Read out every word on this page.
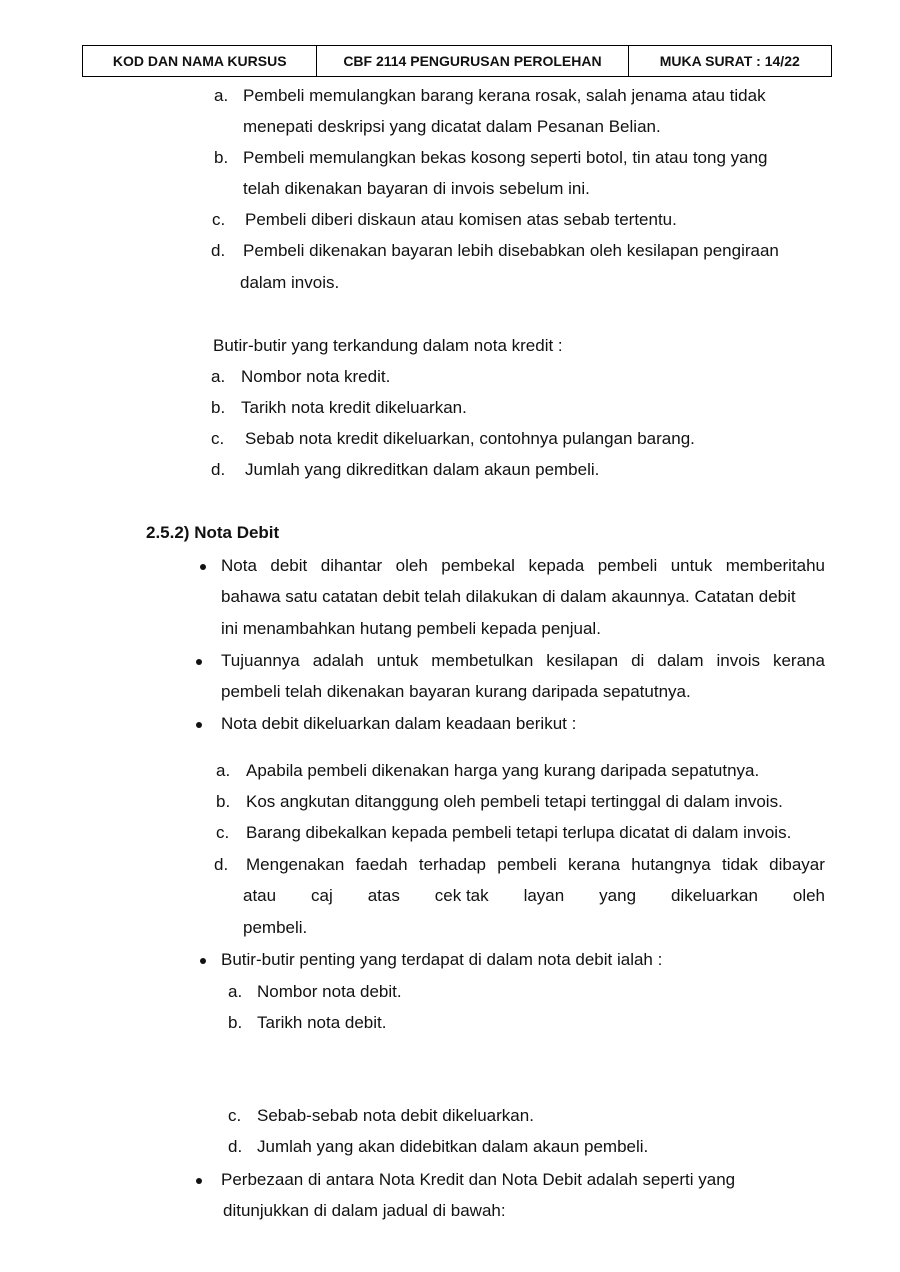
KOD DAN NAMA KURSUS	CBF 2114 PENGURUSAN PEROLEHAN	MUKA SURAT : 14/22
a. Pembeli memulangkan barang kerana rosak, salah jenama atau tidak
menepati deskripsi yang dicatat dalam Pesanan Belian.
b. Pembeli memulangkan bekas kosong seperti botol, tin atau tong yang
telah dikenakan bayaran di invois sebelum ini.
c. Pembeli diberi diskaun atau komisen atas sebab tertentu.
d. Pembeli dikenakan bayaran lebih disebabkan oleh kesilapan pengiraan
dalam invois.
Butir-butir yang terkandung dalam nota kredit :
a. Nombor nota kredit.
b. Tarikh nota kredit dikeluarkan.
c. Sebab nota kredit dikeluarkan, contohnya pulangan barang.
d. Jumlah yang dikreditkan dalam akaun pembeli.
2.5.2) Nota Debit
Nota debit dihantar oleh pembekal kepada pembeli untuk memberitahu
bahawa satu catatan debit telah dilakukan di dalam akaunnya. Catatan debit
ini menambahkan hutang pembeli kepada penjual.
Tujuannya adalah untuk membetulkan kesilapan di dalam invois kerana
pembeli telah dikenakan bayaran kurang daripada sepatutnya.
Nota debit dikeluarkan dalam keadaan berikut :
a. Apabila pembeli dikenakan harga yang kurang daripada sepatutnya.
b. Kos angkutan ditanggung oleh pembeli tetapi tertinggal di dalam invois.
c. Barang dibekalkan kepada pembeli tetapi terlupa dicatat di dalam invois.
d. Mengenakan faedah terhadap pembeli kerana hutangnya tidak dibayar
atau caj atas cek tak layan yang dikeluarkan oleh
pembeli.
Butir-butir penting yang terdapat di dalam nota debit ialah :
a. Nombor nota debit.
b. Tarikh nota debit.
c. Sebab-sebab nota debit dikeluarkan.
d. Jumlah yang akan didebitkan dalam akaun pembeli.
Perbezaan di antara Nota Kredit dan Nota Debit adalah seperti yang
ditunjukkan di dalam jadual di bawah:
